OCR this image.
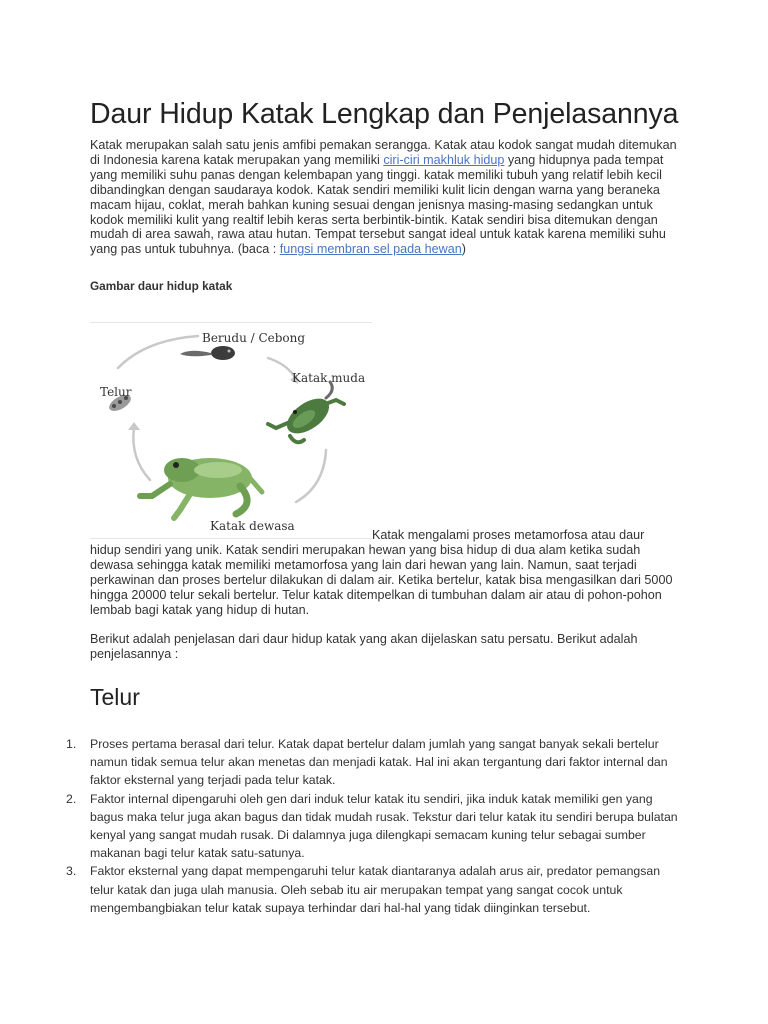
Daur Hidup Katak Lengkap dan Penjelasannya

Katak merupakan salah satu jenis amfibi pemakan serangga. Katak atau kodok sangat mudah ditemukan di Indonesia karena katak merupakan yang memiliki ciri-ciri makhluk hidup yang hidupnya pada tempat yang memiliki suhu panas dengan kelembapan yang tinggi. katak memiliki tubuh yang relatif lebih kecil dibandingkan dengan saudaraya kodok. Katak sendiri memiliki kulit licin dengan warna yang beraneka macam hijau, coklat, merah bahkan kuning sesuai dengan jenisnya masing-masing sedangkan untuk kodok memiliki kulit yang realtif lebih keras serta berbintik-bintik. Katak sendiri bisa ditemukan dengan mudah di area sawah, rawa atau hutan. Tempat tersebut sangat ideal untuk katak karena memiliki suhu yang pas untuk tubuhnya. (baca : fungsi membran sel pada hewan)

Gambar daur hidup katak

Berudu / Cebong
Telur
Katak muda
Katak dewasa

Katak mengalami proses metamorfosa atau daur

hidup sendiri yang unik. Katak sendiri merupakan hewan yang bisa hidup di dua alam ketika sudah dewasa sehingga katak memiliki metamorfosa yang lain dari hewan yang lain. Namun, saat terjadi perkawinan dan proses bertelur dilakukan di dalam air. Ketika bertelur, katak bisa mengasilkan dari 5000 hingga 20000 telur sekali bertelur. Telur katak ditempelkan di tumbuhan dalam air atau di pohon-pohon lembab bagi katak yang hidup di hutan.

Berikut adalah penjelasan dari daur hidup katak yang akan dijelaskan satu persatu. Berikut adalah penjelasannya :

Telur
1. Proses pertama berasal dari telur. Katak dapat bertelur dalam jumlah yang sangat banyak sekali bertelur namun tidak semua telur akan menetas dan menjadi katak. Hal ini akan tergantung dari faktor internal dan faktor eksternal yang terjadi pada telur katak.
2. Faktor internal dipengaruhi oleh gen dari induk telur katak itu sendiri, jika induk katak memiliki gen yang bagus maka telur juga akan bagus dan tidak mudah rusak. Tekstur dari telur katak itu sendiri berupa bulatan kenyal yang sangat mudah rusak. Di dalamnya juga dilengkapi semacam kuning telur sebagai sumber makanan bagi telur katak satu-satunya.
3. Faktor eksternal yang dapat mempengaruhi telur katak diantaranya adalah arus air, predator pemangsan telur katak dan juga ulah manusia. Oleh sebab itu air merupakan tempat yang sangat cocok untuk mengembangbiakan telur katak supaya terhindar dari hal-hal yang tidak diinginkan tersebut.
